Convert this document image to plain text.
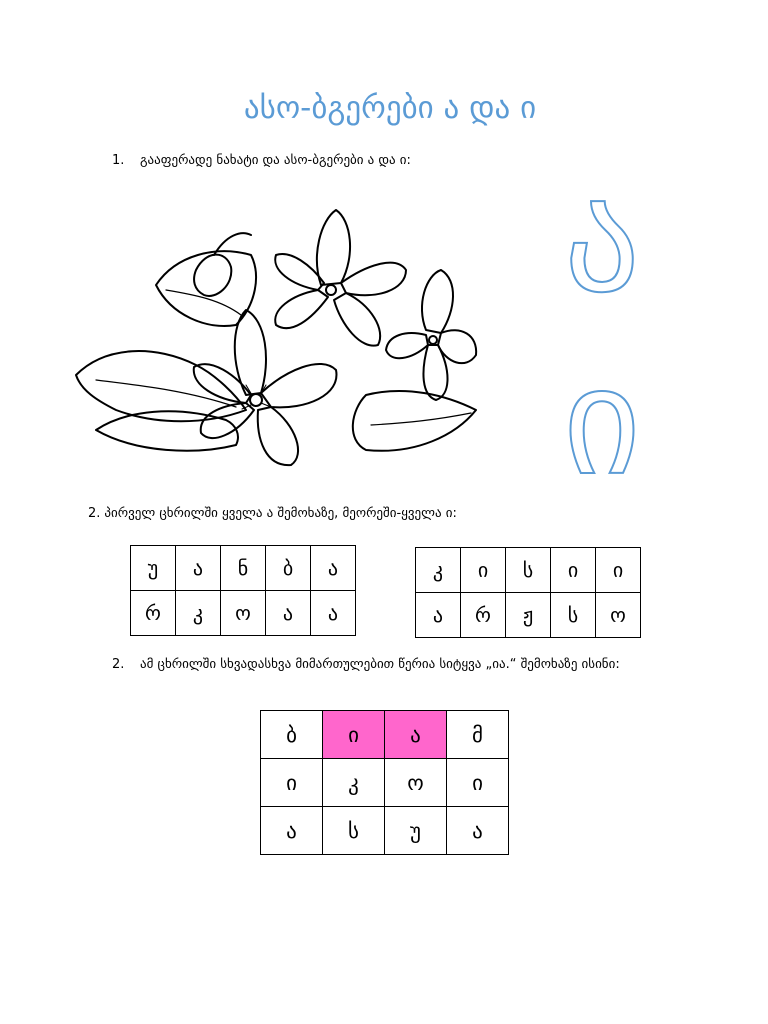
ასო-ბგერები ა და ი
1. გააფერადე ნახატი და ასო-ბგერები ა და ი: ა
ი
2. პირველ ცხრილში ყველა ა შემოხაზე, მეორეში-ყველა ი:
უ	ა	ნ	ბ	ა
რ	კ	ო	ა	ა
კ	ი	ს	ი	ი
ა	რ	ჟ	ს	ო
2. ამ ცხრილში სხვადასხვა მიმართულებით წერია სიტყვა „ია.“ შემოხაზე ისინი:
ბ	ი	ა	მ
ი	კ	ო	ი
ა	ს	უ	ა
